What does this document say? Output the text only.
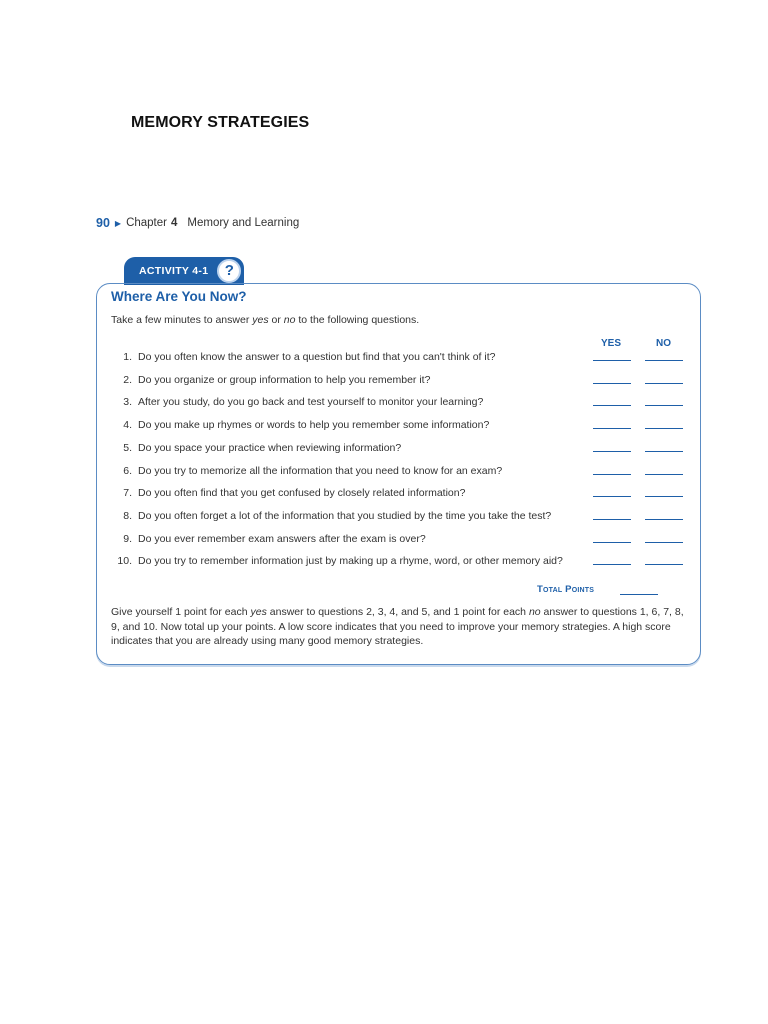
MEMORY STRATEGIES
90 ▶ Chapter 4 Memory and Learning
ACTIVITY 4-1	?
Where Are You Now?
Take a few minutes to answer yes or no to the following questions.
YES	NO
1. Do you often know the answer to a question but find that you can't think of it?
2. Do you organize or group information to help you remember it?
3. After you study, do you go back and test yourself to monitor your learning?
4. Do you make up rhymes or words to help you remember some information?
5. Do you space your practice when reviewing information?
6. Do you try to memorize all the information that you need to know for an exam?
7. Do you often find that you get confused by closely related information?
8. Do you often forget a lot of the information that you studied by the time you take the test?
9. Do you ever remember exam answers after the exam is over?
10. Do you try to remember information just by making up a rhyme, word, or other memory aid?
Total Points
Give yourself 1 point for each yes answer to questions 2, 3, 4, and 5, and 1 point for each no answer to questions 1, 6, 7, 8, 9, and 10. Now total up your points. A low score indicates that you need to improve your memory strategies. A high score indicates that you are already using many good memory strategies.
